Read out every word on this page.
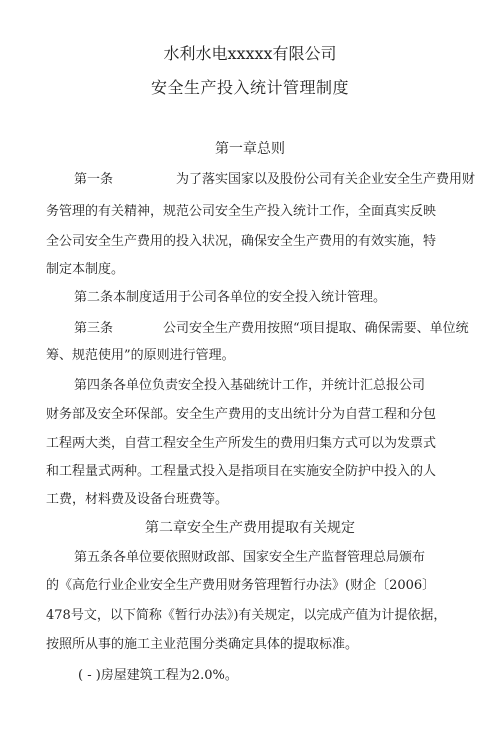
水利水电xxxxx有限公司
安全生产投入统计管理制度
第一章总则
第一条	为了落实国家以及股份公司有关企业安全生产费用财
务管理的有关精神，规范公司安全生产投入统计工作，全面真实反映
全公司安全生产费用的投入状况，确保安全生产费用的有效实施，特
制定本制度。
第二条本制度适用于公司各单位的安全投入统计管理。
第三条	公司安全生产费用按照“项目提取、确保需要、单位统
筹、规范使用”的原则进行管理。
第四条各单位负责安全投入基础统计工作，并统计汇总报公司
财务部及安全环保部。安全生产费用的支出统计分为自营工程和分包
工程两大类，自营工程安全生产所发生的费用归集方式可以为发票式
和工程量式两种。工程量式投入是指项目在实施安全防护中投入的人
工费，材料费及设备台班费等。
第二章安全生产费用提取有关规定
第五条各单位要依照财政部、国家安全生产监督管理总局颁布
的《高危行业企业安全生产费用财务管理暂行办法》(财企〔2006〕
478号文，以下简称《暂行办法》)有关规定，以完成产值为计提依据，
按照所从事的施工主业范围分类确定具体的提取标准。
( - )房屋建筑工程为2.0%。
